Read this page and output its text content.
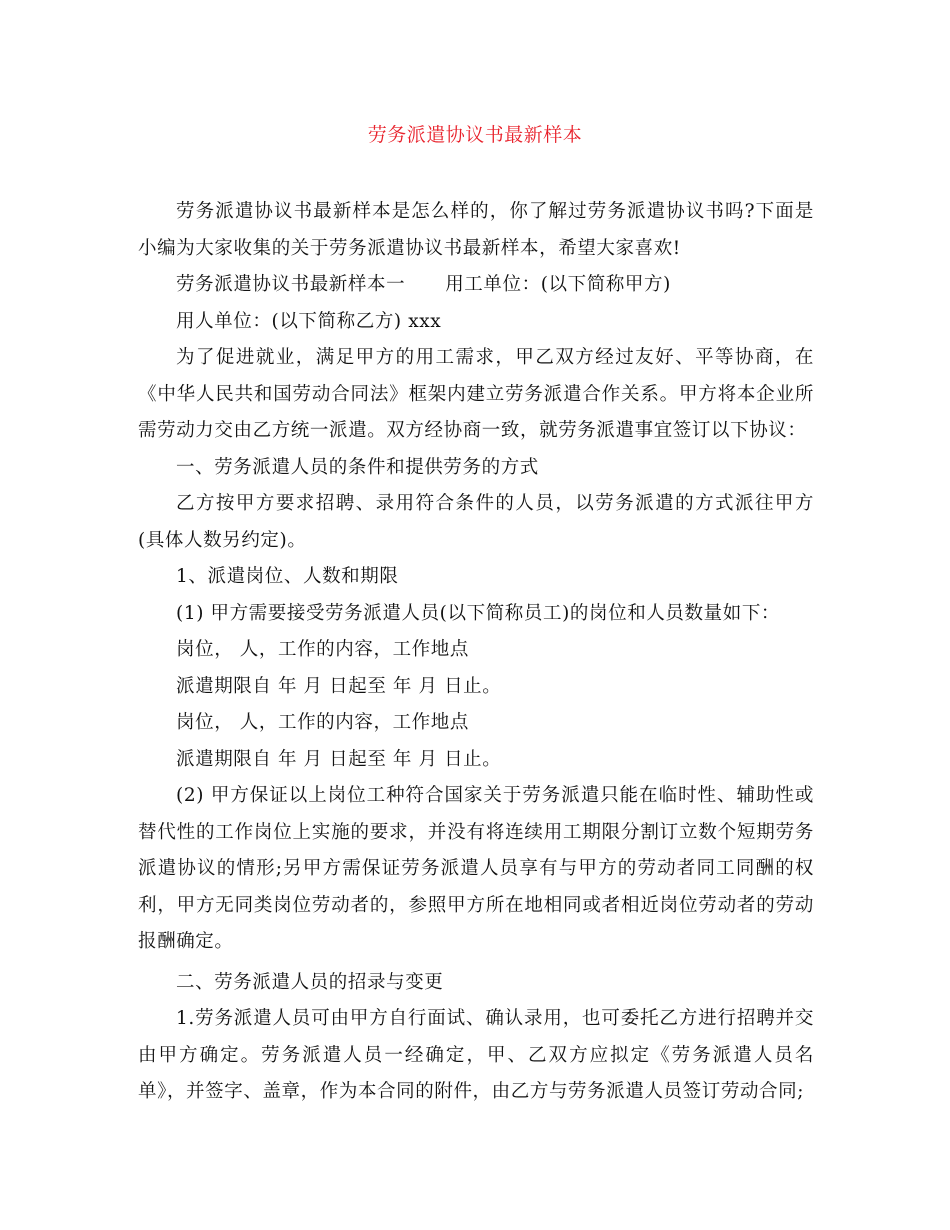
劳务派遣协议书最新样本

劳务派遣协议书最新样本是怎么样的，你了解过劳务派遣协议书吗?下面是小编为大家收集的关于劳务派遣协议书最新样本，希望大家喜欢!

劳务派遣协议书最新样本一 用工单位：(以下简称甲方)

用人单位：(以下简称乙方) xxx

为了促进就业，满足甲方的用工需求，甲乙双方经过友好、平等协商，在《中华人民共和国劳动合同法》框架内建立劳务派遣合作关系。甲方将本企业所需劳动力交由乙方统一派遣。双方经协商一致，就劳务派遣事宜签订以下协议：

一、劳务派遣人员的条件和提供劳务的方式

乙方按甲方要求招聘、录用符合条件的人员，以劳务派遣的方式派往甲方(具体人数另约定)。

1、派遣岗位、人数和期限

(1) 甲方需要接受劳务派遣人员(以下简称员工)的岗位和人员数量如下：

岗位， 人，工作的内容，工作地点

派遣期限自 年 月 日起至 年 月 日止。

岗位， 人，工作的内容，工作地点

派遣期限自 年 月 日起至 年 月 日止。

(2) 甲方保证以上岗位工种符合国家关于劳务派遣只能在临时性、辅助性或替代性的工作岗位上实施的要求，并没有将连续用工期限分割订立数个短期劳务派遣协议的情形;另甲方需保证劳务派遣人员享有与甲方的劳动者同工同酬的权利，甲方无同类岗位劳动者的，参照甲方所在地相同或者相近岗位劳动者的劳动报酬确定。

二、劳务派遣人员的招录与变更

1.劳务派遣人员可由甲方自行面试、确认录用，也可委托乙方进行招聘并交由甲方确定。劳务派遣人员一经确定，甲、乙双方应拟定《劳务派遣人员名单》，并签字、盖章，作为本合同的附件，由乙方与劳务派遣人员签订劳动合同;
